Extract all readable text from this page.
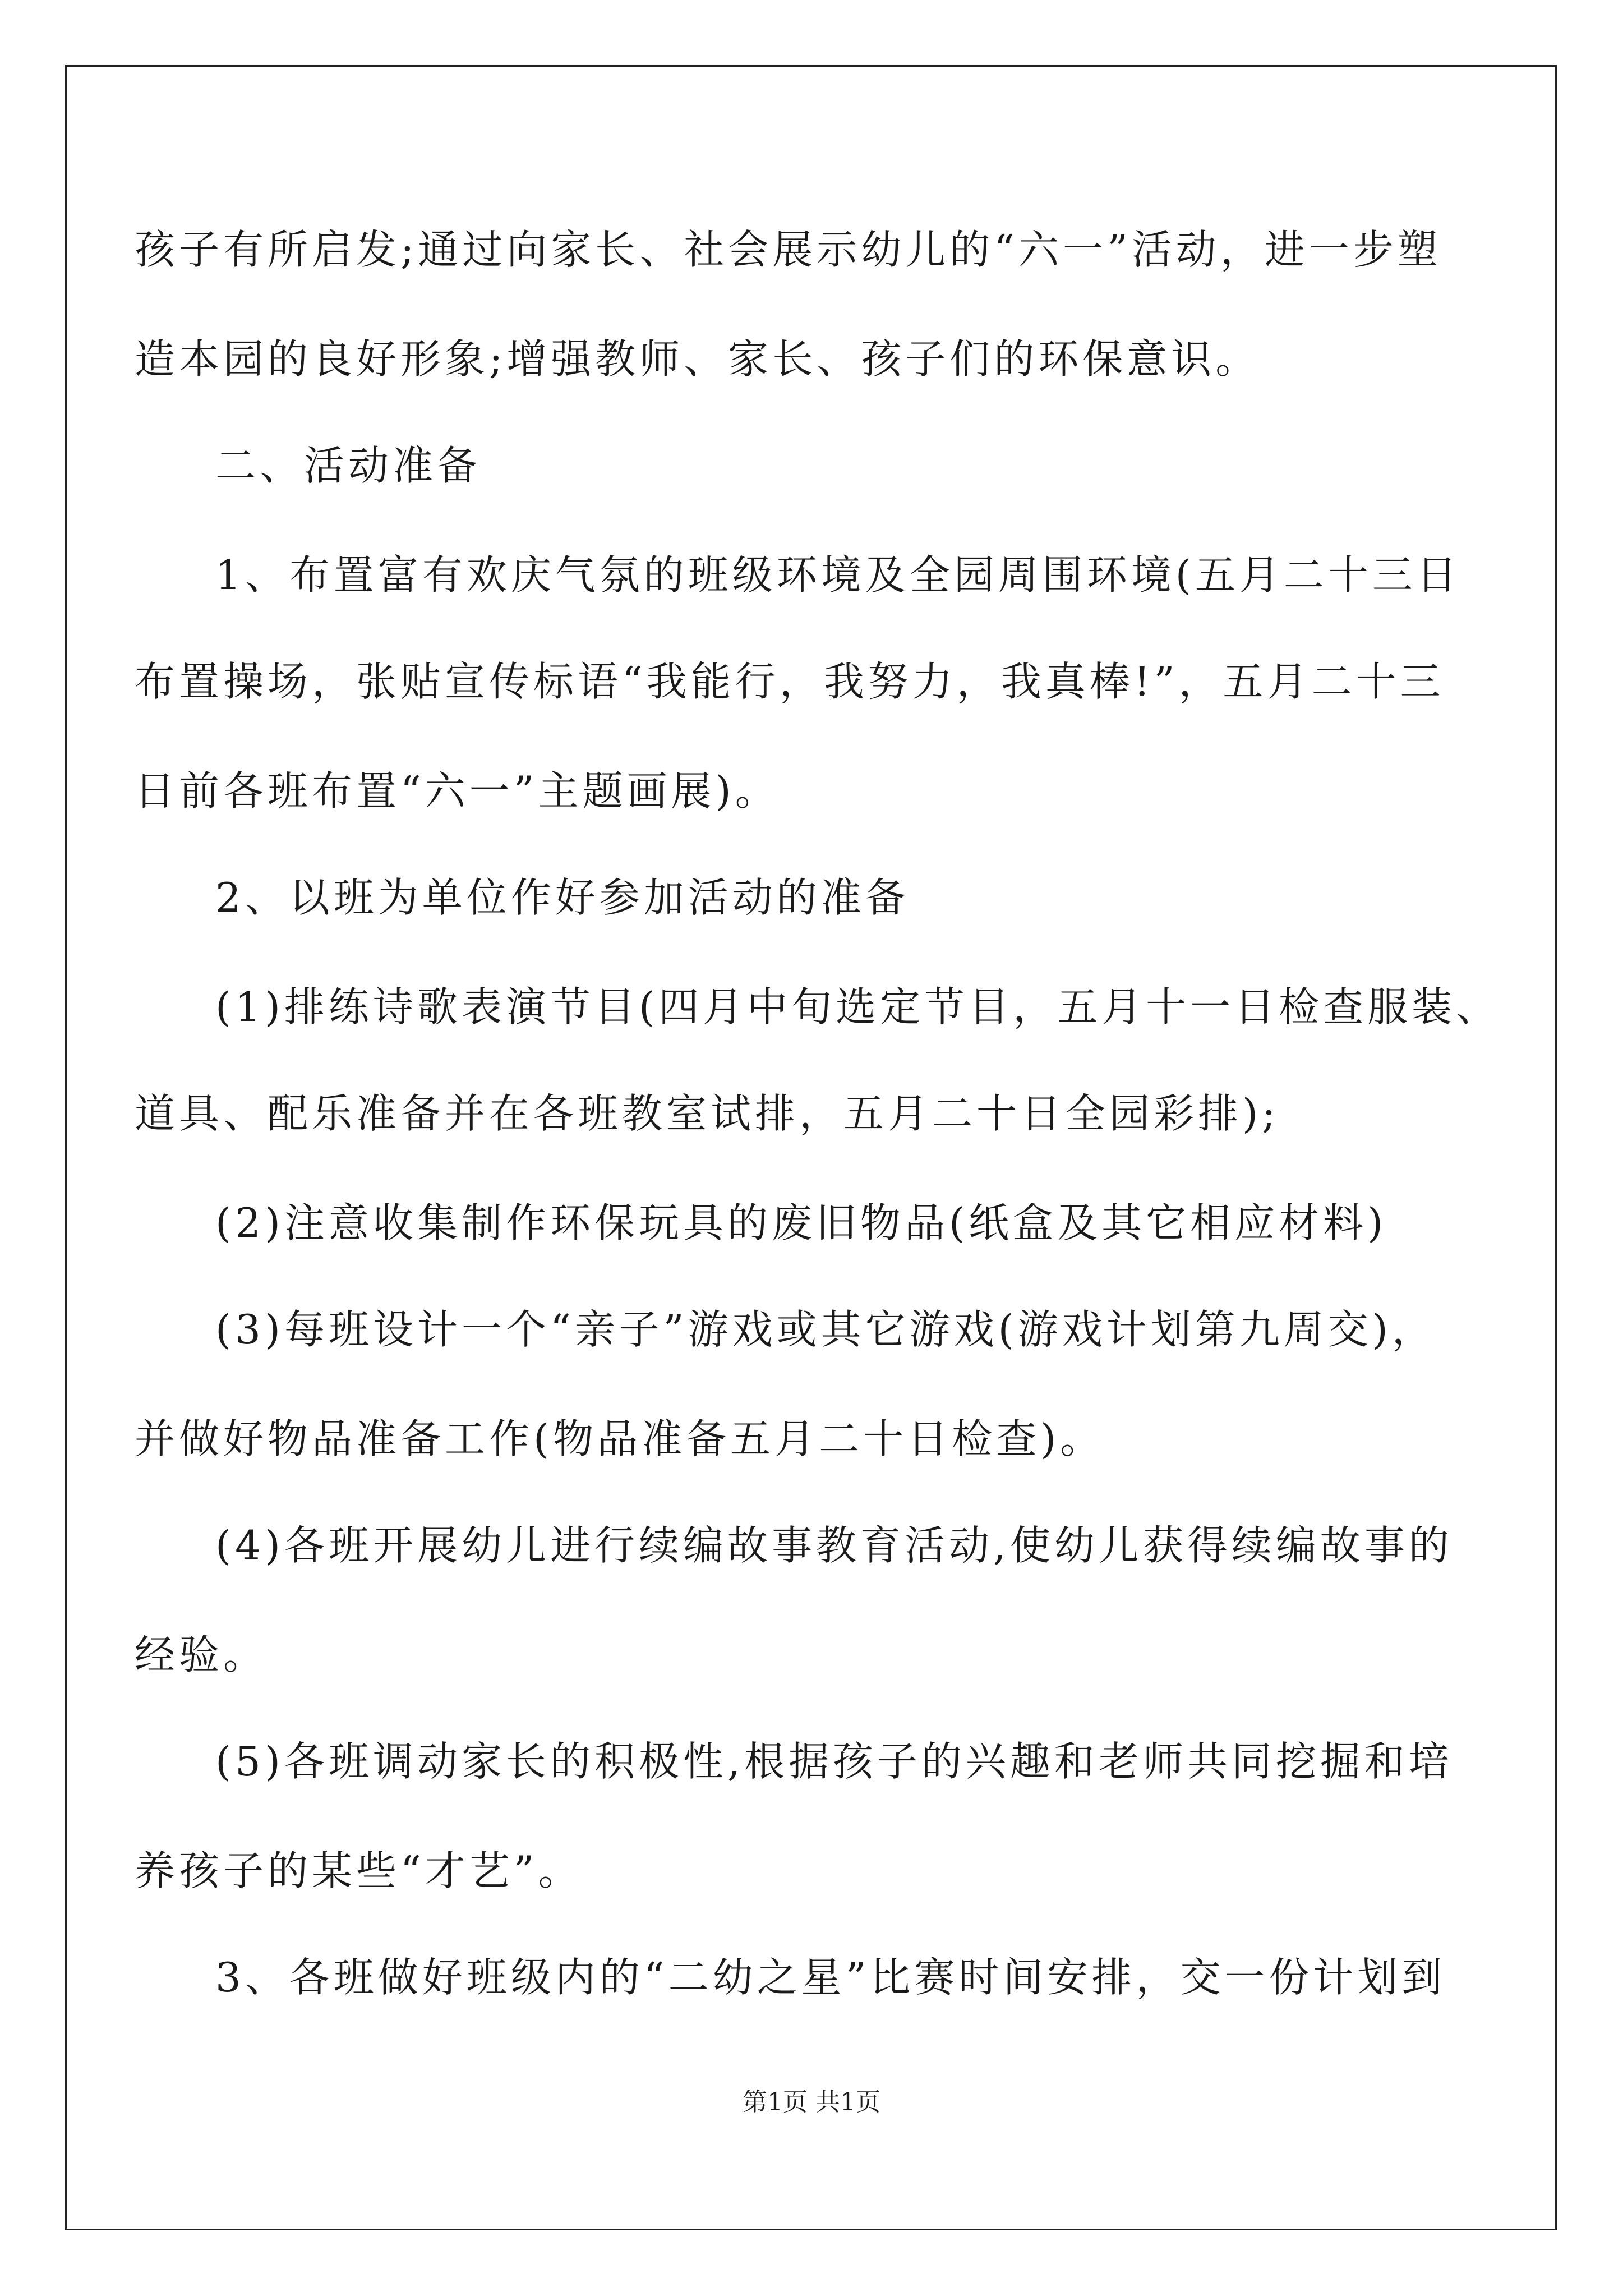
孩子有所启发;通过向家长、社会展示幼儿的“六一”活动，进一步塑
造本园的良好形象;增强教师、家长、孩子们的环保意识。
二、活动准备
1、布置富有欢庆气氛的班级环境及全园周围环境(五月二十三日
布置操场，张贴宣传标语“我能行，我努力，我真棒!”，五月二十三
日前各班布置“六一”主题画展)。
2、以班为单位作好参加活动的准备
(1)排练诗歌表演节目(四月中旬选定节目，五月十一日检查服装、
道具、配乐准备并在各班教室试排，五月二十日全园彩排);
(2)注意收集制作环保玩具的废旧物品(纸盒及其它相应材料)
(3)每班设计一个“亲子”游戏或其它游戏(游戏计划第九周交)，
并做好物品准备工作(物品准备五月二十日检查)。
(4)各班开展幼儿进行续编故事教育活动,使幼儿获得续编故事的
经验。
(5)各班调动家长的积极性,根据孩子的兴趣和老师共同挖掘和培
养孩子的某些“才艺”。
3、各班做好班级内的“二幼之星”比赛时间安排，交一份计划到
第1页 共1页
